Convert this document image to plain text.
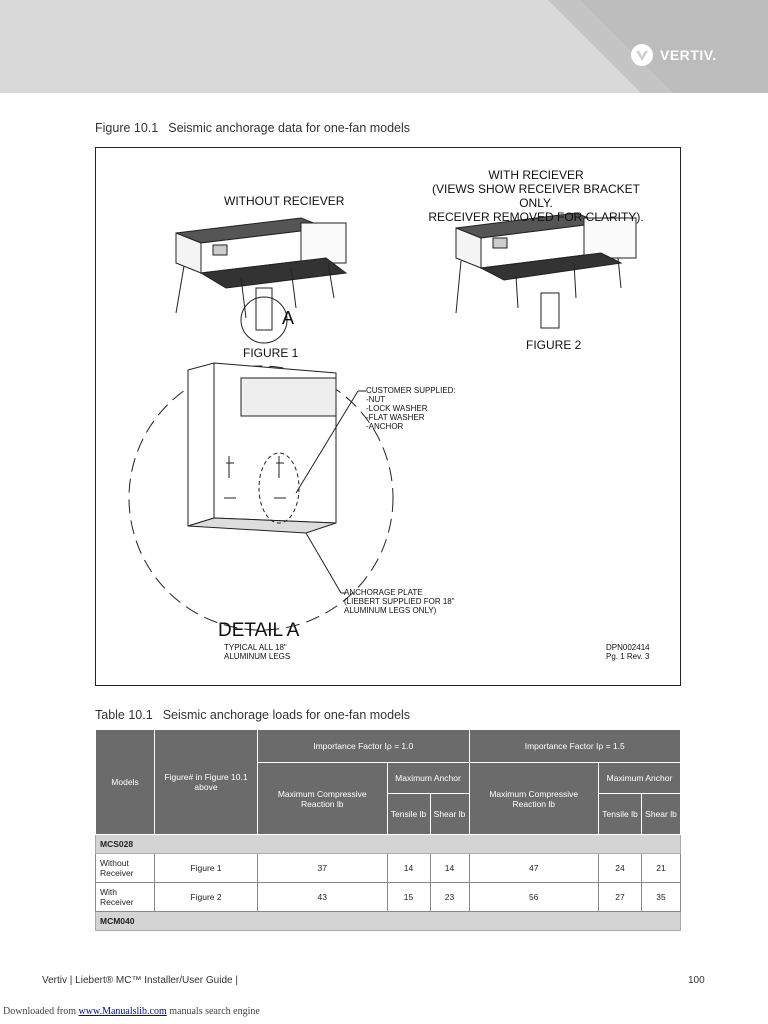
VERTIV.
Figure 10.1 Seismic anchorage data for one-fan models
WITHOUT RECIEVER
WITH RECIEVER
(VIEWS SHOW RECEIVER BRACKET ONLY.
RECEIVER REMOVED FOR CLARITY).
A
FIGURE 1
FIGURE 2
CUSTOMER SUPPLIED:
-NUT
-LOCK WASHER
-FLAT WASHER
-ANCHOR
ANCHORAGE PLATE
(LIEBERT SUPPLIED FOR 18"
ALUMINUM LEGS ONLY)
DETAIL A
TYPICAL ALL 18"
ALUMINUM LEGS
DPN002414
Pg. 1 Rev. 3
Table 10.1 Seismic anchorage loads for one-fan models
Models	Figure# in Figure 10.1 above	Importance Factor Iρ = 1.0			Importance Factor Iρ = 1.5		
		Maximum Compressive Reaction lb	Maximum Anchor		Maximum Compressive Reaction lb	Maximum Anchor	
			Tensile lb	Shear lb		Tensile lb	Shear lb
MCS028							
Without Receiver	Figure 1	37	14	14	47	24	21
With Receiver	Figure 2	43	15	23	56	27	35
MCM040							
Vertiv | Liebert® MC™ Installer/User Guide |	100
Downloaded from www.Manualslib.com manuals search engine
